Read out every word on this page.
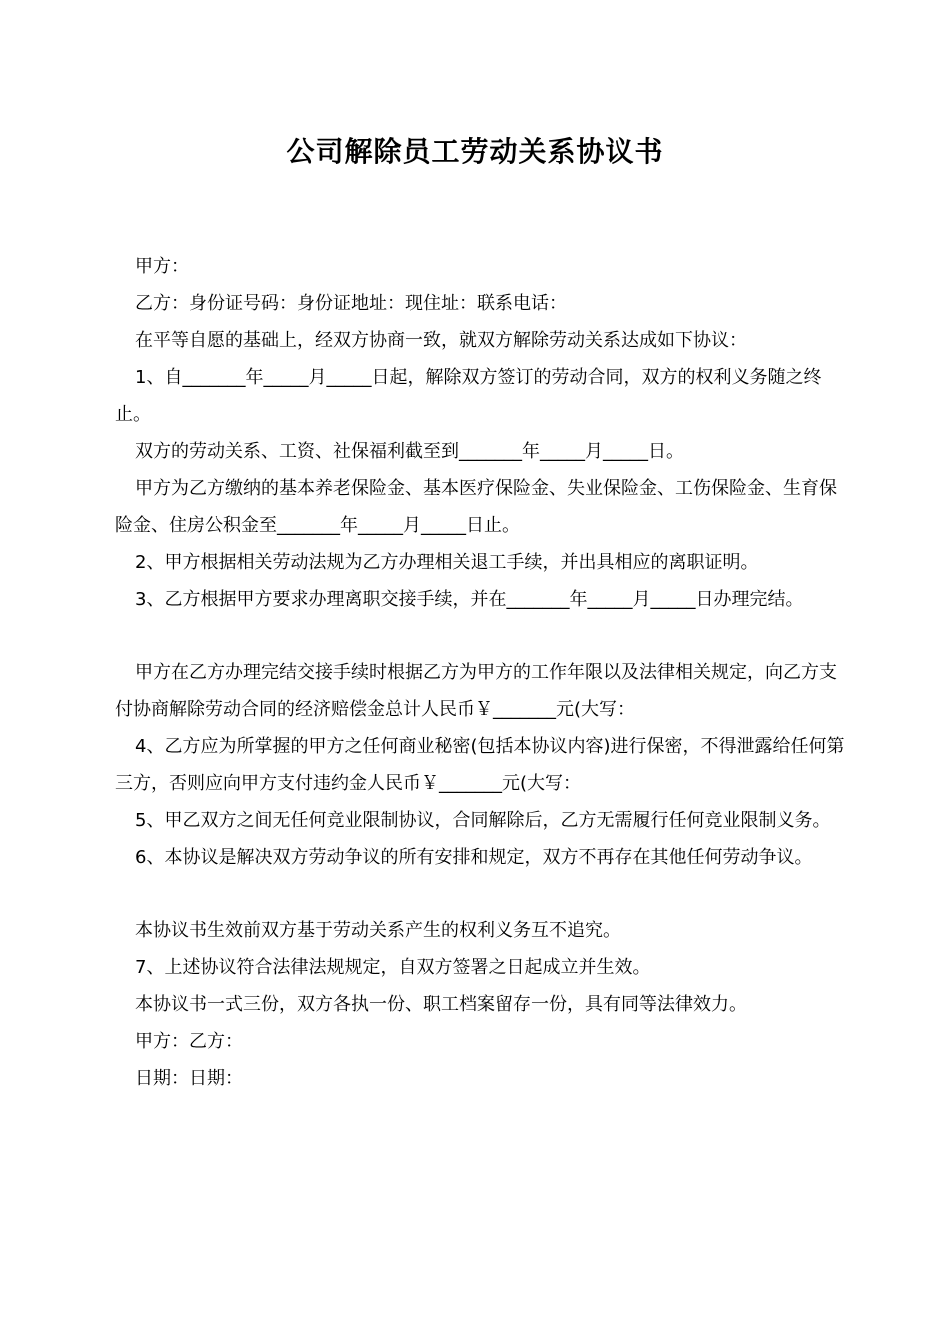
公司解除员工劳动关系协议书

甲方：

乙方：身份证号码：身份证地址：现住址：联系电话：

在平等自愿的基础上，经双方协商一致，就双方解除劳动关系达成如下协议：

1、自_______年_____月_____日起，解除双方签订的劳动合同，双方的权利义务随之终止。

双方的劳动关系、工资、社保福利截至到_______年_____月_____日。

甲方为乙方缴纳的基本养老保险金、基本医疗保险金、失业保险金、工伤保险金、生育保险金、住房公积金至_______年_____月_____日止。

2、甲方根据相关劳动法规为乙方办理相关退工手续，并出具相应的离职证明。

3、乙方根据甲方要求办理离职交接手续，并在_______年_____月_____日办理完结。

甲方在乙方办理完结交接手续时根据乙方为甲方的工作年限以及法律相关规定，向乙方支付协商解除劳动合同的经济赔偿金总计人民币￥_______元(大写：

4、乙方应为所掌握的甲方之任何商业秘密(包括本协议内容)进行保密，不得泄露给任何第三方，否则应向甲方支付违约金人民币￥_______元(大写：

5、甲乙双方之间无任何竞业限制协议，合同解除后，乙方无需履行任何竞业限制义务。

6、本协议是解决双方劳动争议的所有安排和规定，双方不再存在其他任何劳动争议。

本协议书生效前双方基于劳动关系产生的权利义务互不追究。

7、上述协议符合法律法规规定，自双方签署之日起成立并生效。

本协议书一式三份，双方各执一份、职工档案留存一份，具有同等法律效力。

甲方：乙方：

日期：日期：
